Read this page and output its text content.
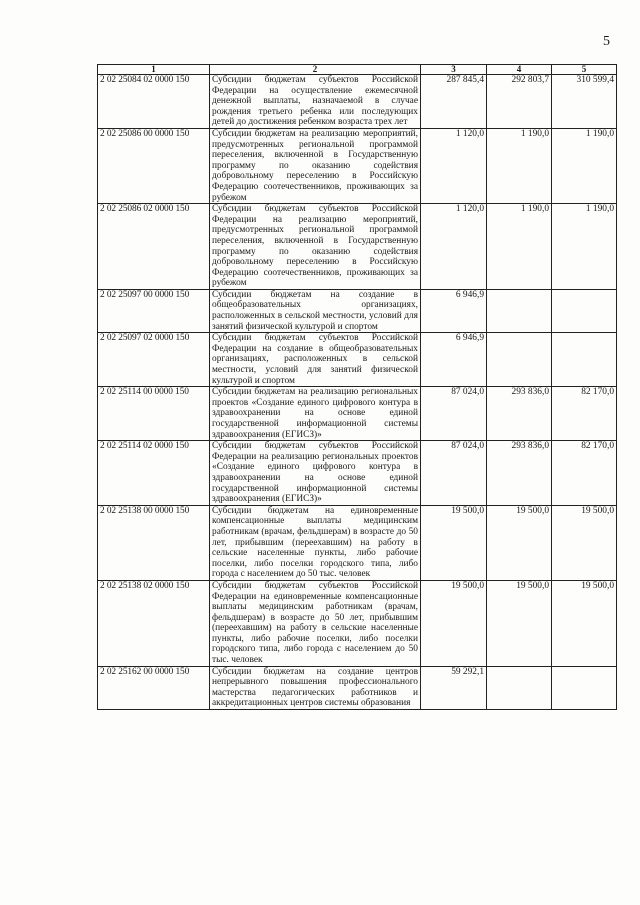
5
1	2	3	4	5
2 02 25084 02 0000 150	Субсидии бюджетам субъектов Российской Федерации на осуществление ежемесячной денежной выплаты, назначаемой в случае рождения третьего ребенка или последующих детей до достижения ребенком возраста трех лет	287 845,4	292 803,7	310 599,4
2 02 25086 00 0000 150	Субсидии бюджетам на реализацию мероприятий, предусмотренных региональной программой переселения, включенной в Государственную программу по оказанию содействия добровольному переселению в Российскую Федерацию соотечественников, проживающих за рубежом	1 120,0	1 190,0	1 190,0
2 02 25086 02 0000 150	Субсидии бюджетам субъектов Российской Федерации на реализацию мероприятий, предусмотренных региональной программой переселения, включенной в Государственную программу по оказанию содействия добровольному переселению в Российскую Федерацию соотечественников, проживающих за рубежом	1 120,0	1 190,0	1 190,0
2 02 25097 00 0000 150	Субсидии бюджетам на создание в общеобразовательных организациях, расположенных в сельской местности, условий для занятий физической культурой и спортом	6 946,9		
2 02 25097 02 0000 150	Субсидии бюджетам субъектов Российской Федерации на создание в общеобразовательных организациях, расположенных в сельской местности, условий для занятий физической культурой и спортом	6 946,9		
2 02 25114 00 0000 150	Субсидии бюджетам на реализацию региональных проектов «Создание единого цифрового контура в здравоохранении на основе единой государственной информационной системы здравоохранения (ЕГИСЗ)»	87 024,0	293 836,0	82 170,0
2 02 25114 02 0000 150	Субсидии бюджетам субъектов Российской Федерации на реализацию региональных проектов «Создание единого цифрового контура в здравоохранении на основе единой государственной информационной системы здравоохранения (ЕГИСЗ)»	87 024,0	293 836,0	82 170,0
2 02 25138 00 0000 150	Субсидии бюджетам на единовременные компенсационные выплаты медицинским работникам (врачам, фельдшерам) в возрасте до 50 лет, прибывшим (переехавшим) на работу в сельские населенные пункты, либо рабочие поселки, либо поселки городского типа, либо города с населением до 50 тыс. человек	19 500,0	19 500,0	19 500,0
2 02 25138 02 0000 150	Субсидии бюджетам субъектов Российской Федерации на единовременные компенсационные выплаты медицинским работникам (врачам, фельдшерам) в возрасте до 50 лет, прибывшим (переехавшим) на работу в сельские населенные пункты, либо рабочие поселки, либо поселки городского типа, либо города с населением до 50 тыс. человек	19 500,0	19 500,0	19 500,0
2 02 25162 00 0000 150	Субсидии бюджетам на создание центров непрерывного повышения профессионального мастерства педагогических работников и аккредитационных центров системы образования	59 292,1		
